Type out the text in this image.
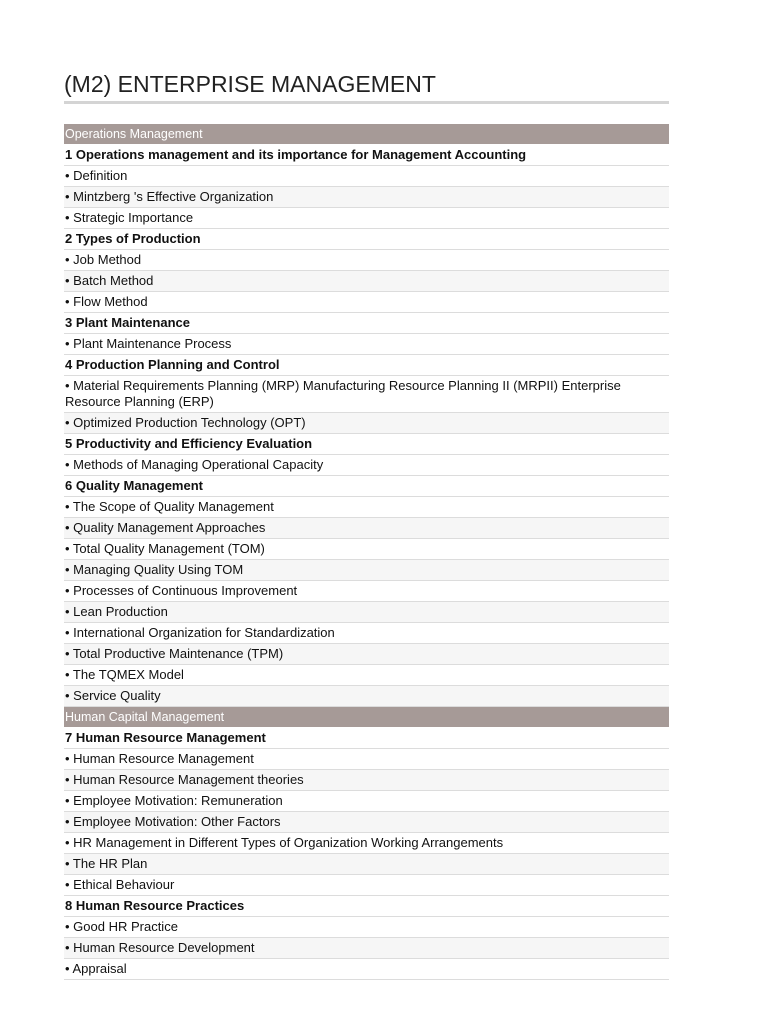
(M2) ENTERPRISE MANAGEMENT
Operations Management
1 Operations management and its importance for Management Accounting
• Definition
• Mintzberg 's Effective Organization
• Strategic Importance
2 Types of Production
• Job Method
• Batch Method
• Flow Method
3 Plant Maintenance
• Plant Maintenance Process
4 Production Planning and Control
• Material Requirements Planning (MRP) Manufacturing Resource Planning II (MRPII) Enterprise Resource Planning (ERP)
• Optimized Production Technology (OPT)
5 Productivity and Efficiency Evaluation
• Methods of Managing Operational Capacity
6 Quality Management
• The Scope of Quality Management
• Quality Management Approaches
• Total Quality Management (TOM)
• Managing Quality Using TOM
• Processes of Continuous Improvement
• Lean Production
• International Organization for Standardization
• Total Productive Maintenance (TPM)
• The TQMEX Model
• Service Quality
Human Capital Management
7 Human Resource Management
• Human Resource Management
• Human Resource Management theories
• Employee Motivation: Remuneration
• Employee Motivation: Other Factors
• HR Management in Different Types of Organization Working Arrangements
• The HR Plan
• Ethical Behaviour
8 Human Resource Practices
• Good HR Practice
• Human Resource Development
• Appraisal
